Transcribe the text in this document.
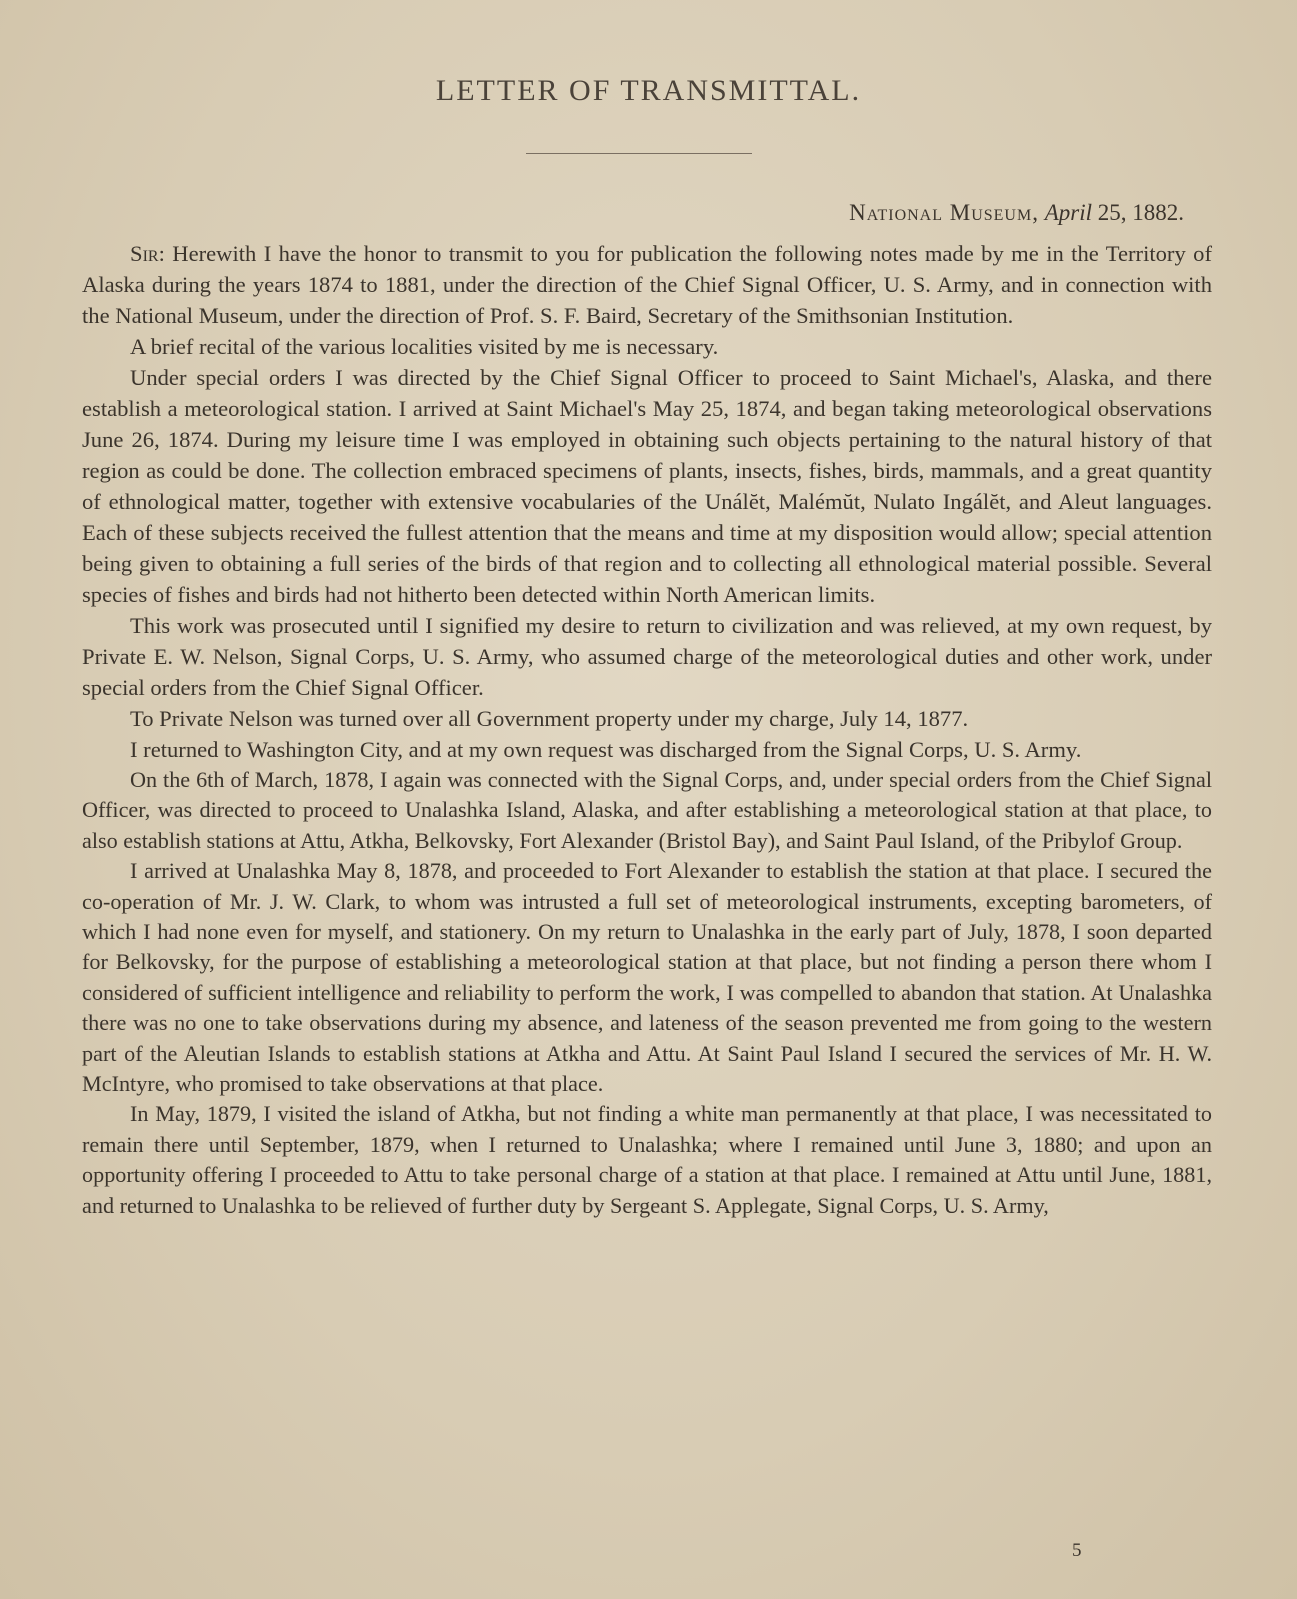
LETTER OF TRANSMITTAL.
National Museum, April 25, 1882.

Sir: Herewith I have the honor to transmit to you for publication the following notes made by me in the Territory of Alaska during the years 1874 to 1881, under the direction of the Chief Signal Officer, U. S. Army, and in connection with the National Museum, under the direction of Prof. S. F. Baird, Secretary of the Smithsonian Institution.

A brief recital of the various localities visited by me is necessary.

Under special orders I was directed by the Chief Signal Officer to proceed to Saint Michael's, Alaska, and there establish a meteorological station. I arrived at Saint Michael's May 25, 1874, and began taking meteorological observations June 26, 1874. During my leisure time I was employed in obtaining such objects pertaining to the natural history of that region as could be done. The collection embraced specimens of plants, insects, fishes, birds, mammals, and a great quantity of ethnological matter, together with extensive vocabularies of the Unálĕt, Malémŭt, Nulato Ingálĕt, and Aleut languages. Each of these subjects received the fullest attention that the means and time at my disposition would allow; special attention being given to obtaining a full series of the birds of that region and to collecting all ethnological material possible. Several species of fishes and birds had not hitherto been detected within North American limits.

This work was prosecuted until I signified my desire to return to civilization and was relieved, at my own request, by Private E. W. Nelson, Signal Corps, U. S. Army, who assumed charge of the meteorological duties and other work, under special orders from the Chief Signal Officer.

To Private Nelson was turned over all Government property under my charge, July 14, 1877.

I returned to Washington City, and at my own request was discharged from the Signal Corps, U. S. Army.

On the 6th of March, 1878, I again was connected with the Signal Corps, and, under special orders from the Chief Signal Officer, was directed to proceed to Unalashka Island, Alaska, and after establishing a meteorological station at that place, to also establish stations at Attu, Atkha, Belkovsky, Fort Alexander (Bristol Bay), and Saint Paul Island, of the Pribylof Group.

I arrived at Unalashka May 8, 1878, and proceeded to Fort Alexander to establish the station at that place. I secured the co-operation of Mr. J. W. Clark, to whom was intrusted a full set of meteorological instruments, excepting barometers, of which I had none even for myself, and stationery. On my return to Unalashka in the early part of July, 1878, I soon departed for Belkovsky, for the purpose of establishing a meteorological station at that place, but not finding a person there whom I considered of sufficient intelligence and reliability to perform the work, I was compelled to abandon that station. At Unalashka there was no one to take observations during my absence, and lateness of the season prevented me from going to the western part of the Aleutian Islands to establish stations at Atkha and Attu. At Saint Paul Island I secured the services of Mr. H. W. McIntyre, who promised to take observations at that place.

In May, 1879, I visited the island of Atkha, but not finding a white man permanently at that place, I was necessitated to remain there until September, 1879, when I returned to Unalashka; where I remained until June 3, 1880; and upon an opportunity offering I proceeded to Attu to take personal charge of a station at that place. I remained at Attu until June, 1881, and returned to Unalashka to be relieved of further duty by Sergeant S. Applegate, Signal Corps, U. S. Army,

5
